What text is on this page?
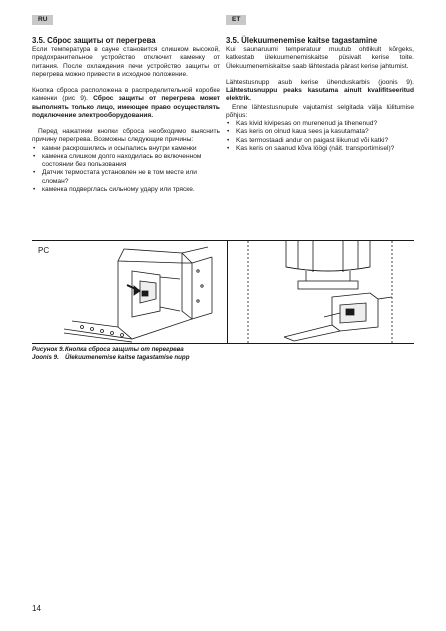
RU	ET
3.5. Сброс защиты от перегрева

Если температура в сауне становится слишком высокой, предохранительное устройство отключит каменку от питания. После охлаждения печи устройство защиты от перегрева можно привести в исходное положение.

Кнопка сброса расположена в распределительной коробке каменки (рис 9). Сброс защиты от перегрева может выполнять только лицо, имеющее право осуществлять подключение электрооборудования.

Перед нажатием кнопки сброса необходимо выяснить причину перегрева. Возможны следующие причины:

• камни раскрошились и осыпались внутри каменки
• каменка слишком долго находилась во включенном состоянии без пользования
• Датчик термостата установлен не в том месте или сломан?
• каменка подверглась сильному удару или тряске.
3.5. Ülekuumenemise kaitse tagastamine

Kui saunaruumi temperatuur muutub ohtlikult kõrgeks, katkestab ülekuumenemiskaitse püsivalt kerise toite. Ülekuumenemiskaitse saab lähtestada pärast kerise jahtumist.

Lähtestusnupp asub kerise ühenduskarbis (joonis 9). Lähtestusnuppu peaks kasutama ainult kvalifitseeritud elektrik.

Enne lähtestusnupule vajutamist selgitada välja lülitumise põhjus:

• Kas kivid kivipesas on murenenud ja tihenenud?
• Kas keris on olnud kaua sees ja kasutamata?
• Kas termostaadi andur on paigast liikunud või katki?
• Kas keris on saanud kõva löögi (näit. transportimisel)?
PC
Рисунок 9.Кнопка сброса защиты от перегрева
Joonis 9. Ülekuumenemise kaitse tagastamise nupp
14
